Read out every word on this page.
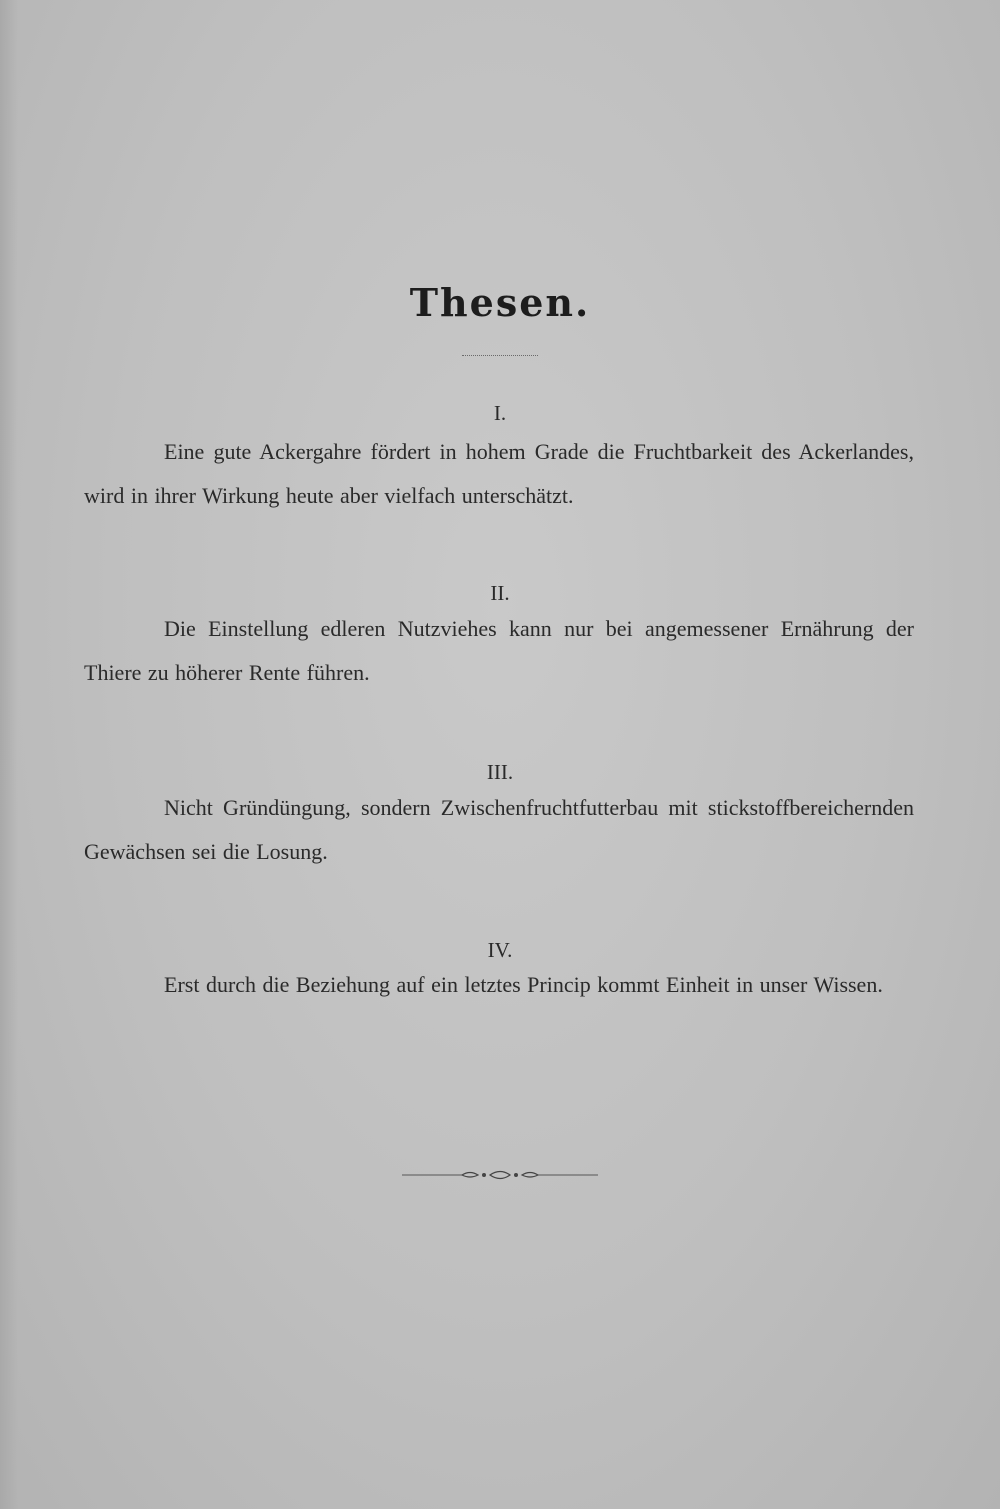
Thesen.
I.

Eine gute Ackergahre fördert in hohem Grade die Fruchtbarkeit des Ackerlandes, wird in ihrer Wirkung heute aber vielfach unterschätzt.

II.

Die Einstellung edleren Nutzviehes kann nur bei angemessener Ernährung der Thiere zu höherer Rente führen.

III.

Nicht Gründüngung, sondern Zwischenfruchtfutterbau mit stickstoffbereichernden Gewächsen sei die Losung.

IV.

Erst durch die Beziehung auf ein letztes Princip kommt Einheit in unser Wissen.
